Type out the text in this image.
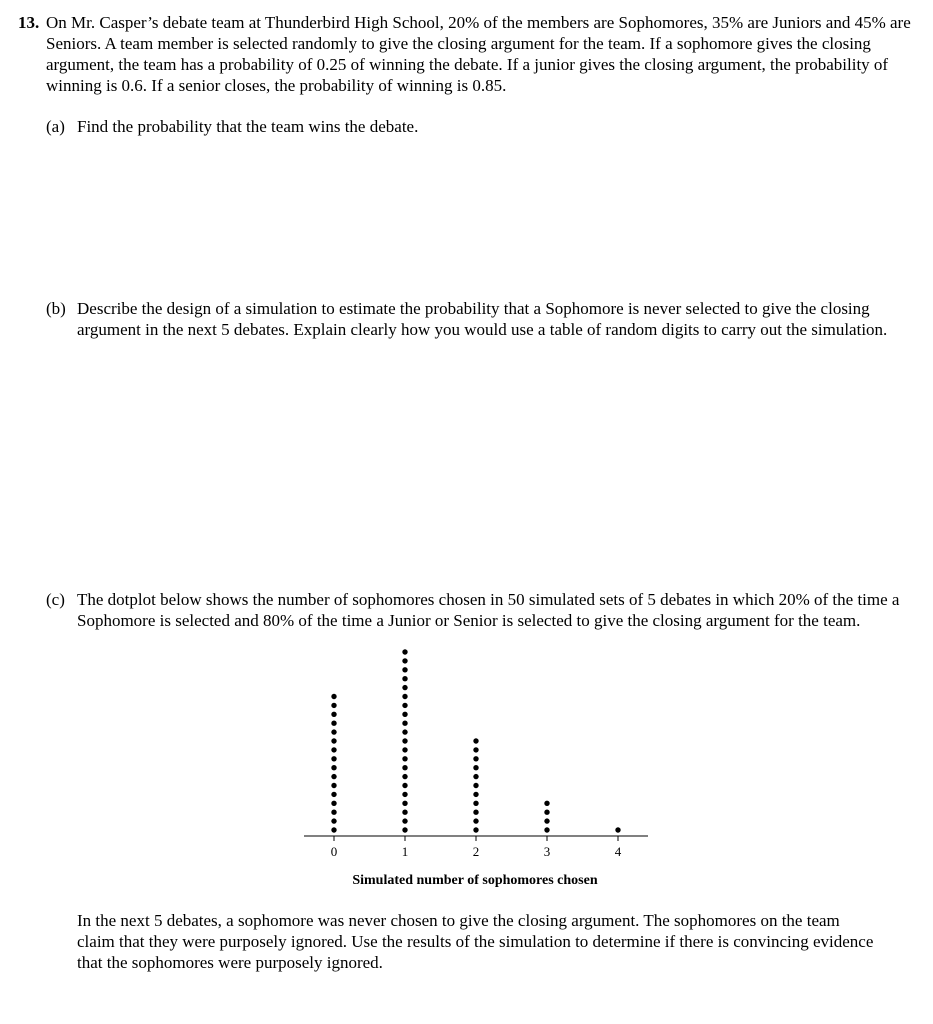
13. On Mr. Casper’s debate team at Thunderbird High School, 20% of the members are Sophomores, 35% are Juniors and 45% are Seniors. A team member is selected randomly to give the closing argument for the team. If a sophomore gives the closing argument, the team has a probability of 0.25 of winning the debate. If a junior gives the closing argument, the probability of winning is 0.6. If a senior closes, the probability of winning is 0.85.
(a) Find the probability that the team wins the debate.
(b) Describe the design of a simulation to estimate the probability that a Sophomore is never selected to give the closing argument in the next 5 debates. Explain clearly how you would use a table of random digits to carry out the simulation.
(c) The dotplot below shows the number of sophomores chosen in 50 simulated sets of 5 debates in which 20% of the time a Sophomore is selected and 80% of the time a Junior or Senior is selected to give the closing argument for the team.
0	1	2	3	4
Simulated number of sophomores chosen
In the next 5 debates, a sophomore was never chosen to give the closing argument. The sophomores on the team claim that they were purposely ignored. Use the results of the simulation to determine if there is convincing evidence that the sophomores were purposely ignored.
